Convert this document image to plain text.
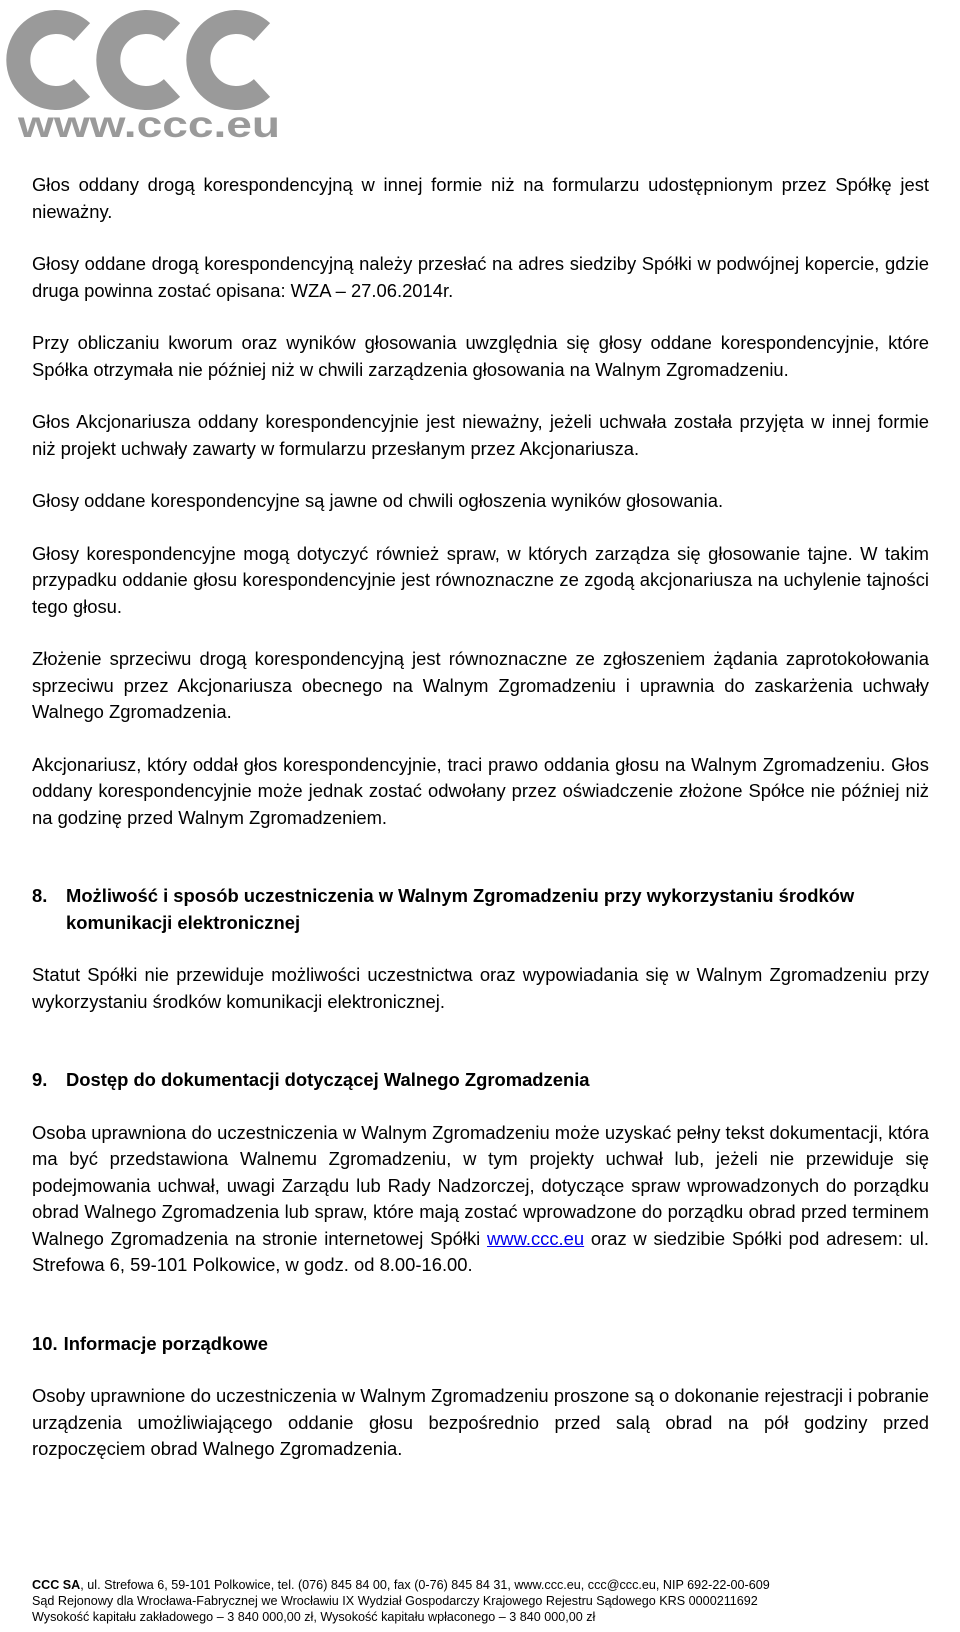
www.ccc.eu

Głos oddany drogą korespondencyjną w innej formie niż na formularzu udostępnionym przez Spółkę jest nieważny.

Głosy oddane drogą korespondencyjną należy przesłać na adres siedziby Spółki w podwójnej kopercie, gdzie druga powinna zostać opisana: WZA – 27.06.2014r.

Przy obliczaniu kworum oraz wyników głosowania uwzględnia się głosy oddane korespondencyjnie, które Spółka otrzymała nie później niż w chwili zarządzenia głosowania na Walnym Zgromadzeniu.

Głos Akcjonariusza oddany korespondencyjnie jest nieważny, jeżeli uchwała została przyjęta w innej formie niż projekt uchwały zawarty w formularzu przesłanym przez Akcjonariusza.

Głosy oddane korespondencyjne są jawne od chwili ogłoszenia wyników głosowania.

Głosy korespondencyjne mogą dotyczyć również spraw, w których zarządza się głosowanie tajne. W takim przypadku oddanie głosu korespondencyjnie jest równoznaczne ze zgodą akcjonariusza na uchylenie tajności tego głosu.

Złożenie sprzeciwu drogą korespondencyjną jest równoznaczne ze zgłoszeniem żądania zaprotokołowania sprzeciwu przez Akcjonariusza obecnego na Walnym Zgromadzeniu i uprawnia do zaskarżenia uchwały Walnego Zgromadzenia.

Akcjonariusz, który oddał głos korespondencyjnie, traci prawo oddania głosu na Walnym Zgromadzeniu. Głos oddany korespondencyjnie może jednak zostać odwołany przez oświadczenie złożone Spółce nie później niż na godzinę przed Walnym Zgromadzeniem.

8.	Możliwość i sposób uczestniczenia w Walnym Zgromadzeniu przy wykorzystaniu środków komunikacji elektronicznej

Statut Spółki nie przewiduje możliwości uczestnictwa oraz wypowiadania się w Walnym Zgromadzeniu przy wykorzystaniu środków komunikacji elektronicznej.

9.	Dostęp do dokumentacji dotyczącej Walnego Zgromadzenia

Osoba uprawniona do uczestniczenia w Walnym Zgromadzeniu może uzyskać pełny tekst dokumentacji, która ma być przedstawiona Walnemu Zgromadzeniu, w tym projekty uchwał lub, jeżeli nie przewiduje się podejmowania uchwał, uwagi Zarządu lub Rady Nadzorczej, dotyczące spraw wprowadzonych do porządku obrad Walnego Zgromadzenia lub spraw, które mają zostać wprowadzone do porządku obrad przed terminem Walnego Zgromadzenia na stronie internetowej Spółki www.ccc.eu oraz w siedzibie Spółki pod adresem: ul. Strefowa 6, 59-101 Polkowice, w godz. od 8.00-16.00.

10. Informacje porządkowe

Osoby uprawnione do uczestniczenia w Walnym Zgromadzeniu proszone są o dokonanie rejestracji i pobranie urządzenia umożliwiającego oddanie głosu bezpośrednio przed salą obrad na pół godziny przed rozpoczęciem obrad Walnego Zgromadzenia.

CCC SA, ul. Strefowa 6, 59-101 Polkowice, tel. (076) 845 84 00, fax (0-76) 845 84 31, www.ccc.eu, ccc@ccc.eu, NIP 692-22-00-609
Sąd Rejonowy dla Wrocława-Fabrycznej we Wrocławiu IX Wydział Gospodarczy Krajowego Rejestru Sądowego KRS 0000211692
Wysokość kapitału zakładowego – 3 840 000,00 zł, Wysokość kapitału wpłaconego – 3 840 000,00 zł
